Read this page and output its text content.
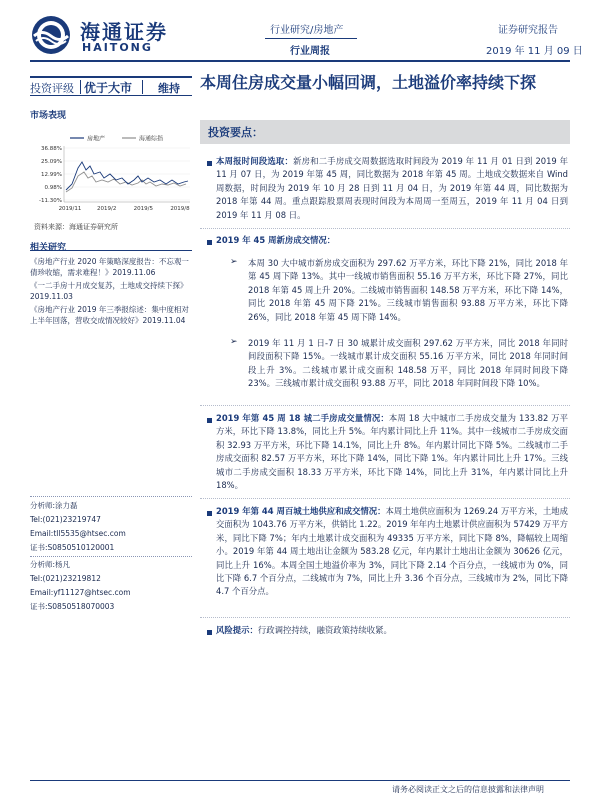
海通证券
HAITONG
行业研究/房地产
行业周报
证券研究报告
2019 年 11 月 09 日
投资评级 优于大市 维持
市场表现
房地产	海通综指
36.88%
25.09%
12.99%
0.98%
-11.30%
2019/11	2019/2	2019/5	2019/8
资料来源：海通证券研究所
相关研究
《房地产行业 2020 年策略深度报告：不忘观一倩珍收缩，需求难程！》2019.11.06
《一二手房十月成交复苏，土地成交持续下探》2019.11.03
《房地产行业 2019 年三季报综述：集中度相对上半年回落，营收交成情况较好》2019.11.04
分析师:涂力磊
Tel:(021)23219747
Email:tll5535@htsec.com
证书:S0850510120001
分析师:杨凡
Tel:(021)23219812
Email:yf11127@htsec.com
证书:S0850518070003
本周住房成交量小幅回调，土地溢价率持续下探
投资要点：
本周报时间段选取：新房和二手房成交周数据选取时间段为 2019 年 11 月 01 日到 2019 年 11 月 07 日，为 2019 年第 45 周，同比数据为 2018 年第 45 周。土地成交数据来自 Wind 周数据，时间段为 2019 年 10 月 28 日到 11 月 04 日，为 2019 年第 44 周，同比数据为 2018 年第 44 周。重点跟踪股票周表现时间段为本周周一至周五，2019 年 11 月 04 日到 2019 年 11 月 08 日。
2019 年 45 周新房成交情况：
➢ 本周 30 大中城市新房成交面积为 297.62 万平方米，环比下降 21%，同比 2018 年第 45 周下降 13%。其中一线城市销售面积 55.16 万平方米，环比下降 27%，同比 2018 年第 45 周上升 20%。二线城市销售面积 148.58 万平方米，环比下降 14%，同比 2018 年第 45 周下降 21%。三线城市销售面积 93.88 万平方米，环比下降 26%，同比 2018 年第 45 周下降 14%。
➢ 2019 年 11 月 1 日-7 日 30 城累计成交面积 297.62 万平方米，同比 2018 年同时间段面积下降 15%。一线城市累计成交面积 55.16 万平方米，同比 2018 年同时间段上升 3%。二线城市累计成交面积 148.58 万平，同比 2018 年同时间段下降 23%。三线城市累计成交面积 93.88 万平，同比 2018 年同时间段下降 10%。
2019 年第 45 周 18 城二手房成交量情况：本周 18 大中城市二手房成交量为 133.82 万平方米，环比下降 13.8%，同比上升 5%。年内累计同比上升 11%。其中一线城市二手房成交面积 32.93 万平方米，环比下降 14.1%，同比上升 8%。年内累计同比下降 5%。二线城市二手房成交面积 82.57 万平方米，环比下降 14%，同比下降 1%。年内累计同比上升 17%。三线城市二手房成交面积 18.33 万平方米，环比下降 14%，同比上升 31%，年内累计同比上升 18%。
2019 年第 44 周百城土地供应和成交情况：本周土地供应面积为 1269.24 万平方米，土地成交面积为 1043.76 万平方米，供销比 1.22。2019 年年内土地累计供应面积为 57429 万平方米，同比下降 7%；年内土地累计成交面积为 49335 万平方米，同比下降 8%，降幅较上周缩小。2019 年第 44 周土地出让金额为 583.28 亿元，年内累计土地出让金额为 30626 亿元，同比上升 16%。本周全国土地溢价率为 3%，同比下降 2.14 个百分点，一线城市为 0%，同比下降 6.7 个百分点，二线城市为 7%，同比上升 3.36 个百分点，三线城市为 2%，同比下降 4.7 个百分点。
风险提示：行政调控持续，融资政策持续收紧。
请务必阅读正文之后的信息披露和法律声明
